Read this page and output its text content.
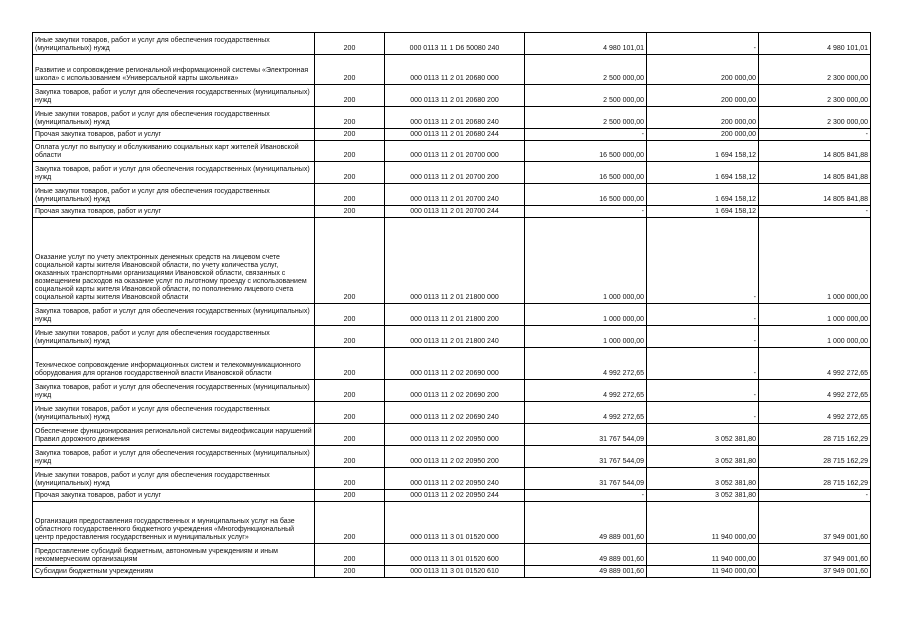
Иные закупки товаров, работ и услуг для обеспечения государственных (муниципальных) нужд	200	000 0113 11 1 D6 50080 240	4 980 101,01	-	4 980 101,01
Развитие и сопровождение региональной информационной системы «Электронная школа» с использованием «Универсальной карты школьника»	200	000 0113 11 2 01 20680 000	2 500 000,00	200 000,00	2 300 000,00
Закупка товаров, работ и услуг для обеспечения государственных (муниципальных) нужд	200	000 0113 11 2 01 20680 200	2 500 000,00	200 000,00	2 300 000,00
Иные закупки товаров, работ и услуг для обеспечения государственных (муниципальных) нужд	200	000 0113 11 2 01 20680 240	2 500 000,00	200 000,00	2 300 000,00
Прочая закупка товаров, работ и услуг	200	000 0113 11 2 01 20680 244	-	200 000,00	-
Оплата услуг по выпуску и обслуживанию социальных карт жителей Ивановской области	200	000 0113 11 2 01 20700 000	16 500 000,00	1 694 158,12	14 805 841,88
Закупка товаров, работ и услуг для обеспечения государственных (муниципальных) нужд	200	000 0113 11 2 01 20700 200	16 500 000,00	1 694 158,12	14 805 841,88
Иные закупки товаров, работ и услуг для обеспечения государственных (муниципальных) нужд	200	000 0113 11 2 01 20700 240	16 500 000,00	1 694 158,12	14 805 841,88
Прочая закупка товаров, работ и услуг	200	000 0113 11 2 01 20700 244	-	1 694 158,12	-
Оказание услуг по учету электронных денежных средств на лицевом счете социальной карты жителя Ивановской области, по учету количества услуг, оказанных транспортными организациями Ивановской области, связанных с возмещением расходов на оказание услуг по льготному проезду с использованием социальной карты жителя Ивановской области, по пополнению лицевого счета социальной карты жителя Ивановской области	200	000 0113 11 2 01 21800 000	1 000 000,00	-	1 000 000,00
Закупка товаров, работ и услуг для обеспечения государственных (муниципальных) нужд	200	000 0113 11 2 01 21800 200	1 000 000,00	-	1 000 000,00
Иные закупки товаров, работ и услуг для обеспечения государственных (муниципальных) нужд	200	000 0113 11 2 01 21800 240	1 000 000,00	-	1 000 000,00
Техническое сопровождение информационных систем и телекоммуникационного оборудования для органов государственной власти Ивановской области	200	000 0113 11 2 02 20690 000	4 992 272,65	-	4 992 272,65
Закупка товаров, работ и услуг для обеспечения государственных (муниципальных) нужд	200	000 0113 11 2 02 20690 200	4 992 272,65	-	4 992 272,65
Иные закупки товаров, работ и услуг для обеспечения государственных (муниципальных) нужд	200	000 0113 11 2 02 20690 240	4 992 272,65	-	4 992 272,65
Обеспечение функционирования региональной системы видеофиксации нарушений Правил дорожного движения	200	000 0113 11 2 02 20950 000	31 767 544,09	3 052 381,80	28 715 162,29
Закупка товаров, работ и услуг для обеспечения государственных (муниципальных) нужд	200	000 0113 11 2 02 20950 200	31 767 544,09	3 052 381,80	28 715 162,29
Иные закупки товаров, работ и услуг для обеспечения государственных (муниципальных) нужд	200	000 0113 11 2 02 20950 240	31 767 544,09	3 052 381,80	28 715 162,29
Прочая закупка товаров, работ и услуг	200	000 0113 11 2 02 20950 244	-	3 052 381,80	-
Организация предоставления государственных и муниципальных услуг на базе областного государственного бюджетного учреждения «Многофункциональный центр предоставления государственных и муниципальных услуг»	200	000 0113 11 3 01 01520 000	49 889 001,60	11 940 000,00	37 949 001,60
Предоставление субсидий бюджетным, автономным учреждениям и иным некоммерческим организациям	200	000 0113 11 3 01 01520 600	49 889 001,60	11 940 000,00	37 949 001,60
Субсидии бюджетным учреждениям	200	000 0113 11 3 01 01520 610	49 889 001,60	11 940 000,00	37 949 001,60
